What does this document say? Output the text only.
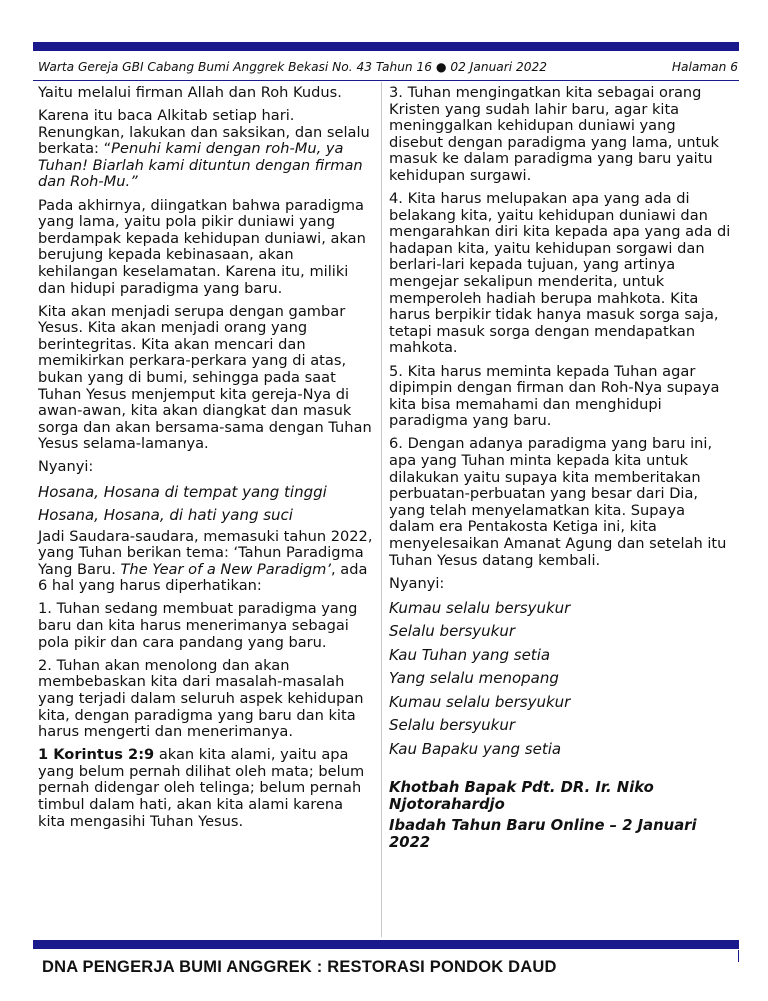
Warta Gereja GBI Cabang Bumi Anggrek Bekasi No. 43 Tahun 16 ● 02 Januari 2022	Halaman 6

Yaitu melalui firman Allah dan Roh Kudus.

Karena itu baca Alkitab setiap hari. Renungkan, lakukan dan saksikan, dan selalu berkata: “Penuhi kami dengan roh-Mu, ya Tuhan! Biarlah kami dituntun dengan firman dan Roh-Mu.”

Pada akhirnya, diingatkan bahwa paradigma yang lama, yaitu pola pikir duniawi yang berdampak kepada kehidupan duniawi, akan berujung kepada kebinasaan, akan kehilangan keselamatan. Karena itu, miliki dan hidupi paradigma yang baru.

Kita akan menjadi serupa dengan gambar Yesus. Kita akan menjadi orang yang berintegritas. Kita akan mencari dan memikirkan perkara-perkara yang di atas, bukan yang di bumi, sehingga pada saat Tuhan Yesus menjemput kita gereja-Nya di awan-awan, kita akan diangkat dan masuk sorga dan akan bersama-sama dengan Tuhan Yesus selama-lamanya.

Nyanyi:

Hosana, Hosana di tempat yang tinggi

Hosana, Hosana, di hati yang suci

Jadi Saudara-saudara, memasuki tahun 2022, yang Tuhan berikan tema: ‘Tahun Paradigma Yang Baru. The Year of a New Paradigm’, ada 6 hal yang harus diperhatikan:

1. Tuhan sedang membuat paradigma yang baru dan kita harus menerimanya sebagai pola pikir dan cara pandang yang baru.

2. Tuhan akan menolong dan akan membebaskan kita dari masalah-masalah yang terjadi dalam seluruh aspek kehidupan kita, dengan paradigma yang baru dan kita harus mengerti dan menerimanya.

1 Korintus 2:9 akan kita alami, yaitu apa yang belum pernah dilihat oleh mata; belum pernah didengar oleh telinga; belum pernah timbul dalam hati, akan kita alami karena kita mengasihi Tuhan Yesus.

3. Tuhan mengingatkan kita sebagai orang Kristen yang sudah lahir baru, agar kita meninggalkan kehidupan duniawi yang disebut dengan paradigma yang lama, untuk masuk ke dalam paradigma yang baru yaitu kehidupan surgawi.

4. Kita harus melupakan apa yang ada di belakang kita, yaitu kehidupan duniawi dan mengarahkan diri kita kepada apa yang ada di hadapan kita, yaitu kehidupan sorgawi dan berlari-lari kepada tujuan, yang artinya mengejar sekalipun menderita, untuk memperoleh hadiah berupa mahkota. Kita harus berpikir tidak hanya masuk sorga saja, tetapi masuk sorga dengan mendapatkan mahkota.

5. Kita harus meminta kepada Tuhan agar dipimpin dengan firman dan Roh-Nya supaya kita bisa memahami dan menghidupi paradigma yang baru.

6. Dengan adanya paradigma yang baru ini, apa yang Tuhan minta kepada kita untuk dilakukan yaitu supaya kita memberitakan perbuatan-perbuatan yang besar dari Dia, yang telah menyelamatkan kita. Supaya dalam era Pentakosta Ketiga ini, kita menyelesaikan Amanat Agung dan setelah itu Tuhan Yesus datang kembali.

Nyanyi:

Kumau selalu bersyukur

Selalu bersyukur

Kau Tuhan yang setia

Yang selalu menopang

Kumau selalu bersyukur

Selalu bersyukur

Kau Bapaku yang setia

Khotbah Bapak Pdt. DR. Ir. Niko Njotorahardjo

Ibadah Tahun Baru Online – 2 Januari 2022

DNA PENGERJA BUMI ANGGREK : RESTORASI PONDOK DAUD
